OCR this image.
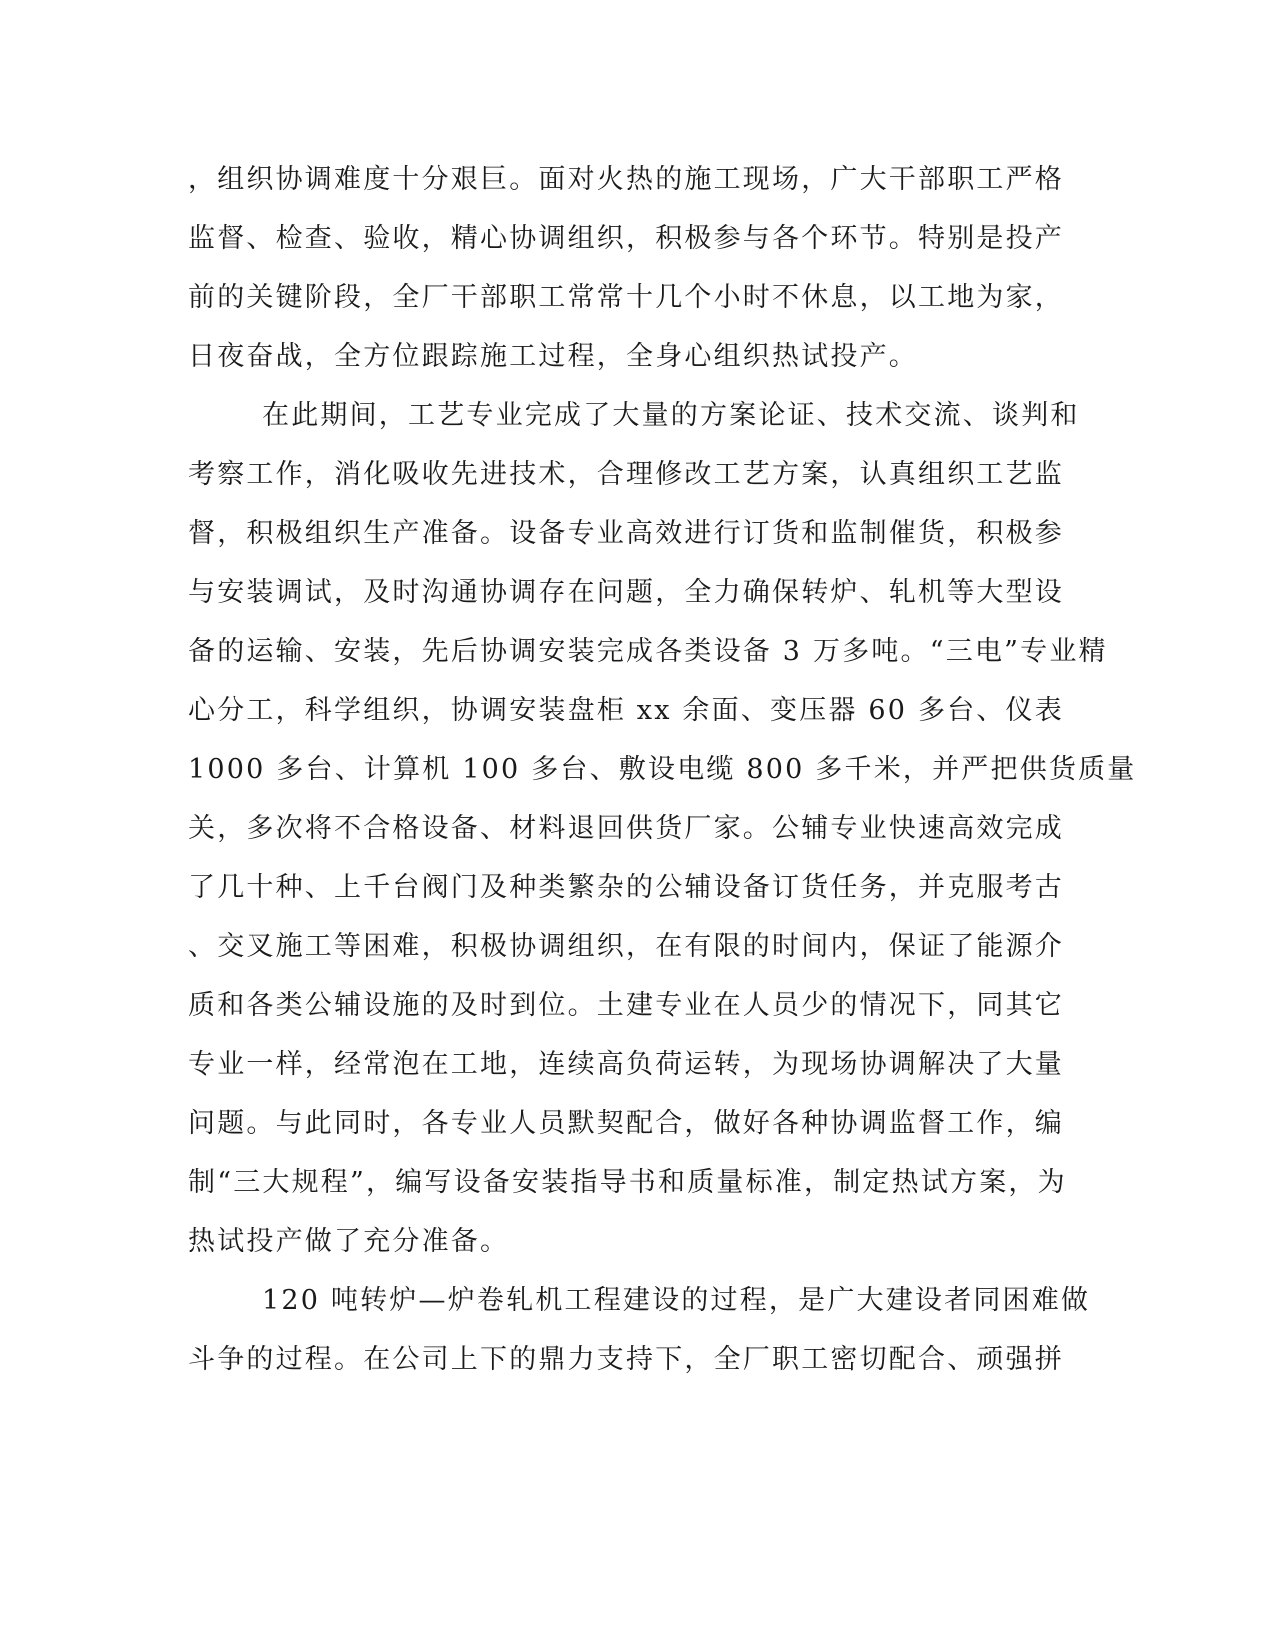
，组织协调难度十分艰巨。面对火热的施工现场，广大干部职工严格
监督、检查、验收，精心协调组织，积极参与各个环节。特别是投产
前的关键阶段，全厂干部职工常常十几个小时不休息，以工地为家，
日夜奋战，全方位跟踪施工过程，全身心组织热试投产。
在此期间，工艺专业完成了大量的方案论证、技术交流、谈判和
考察工作，消化吸收先进技术，合理修改工艺方案，认真组织工艺监
督，积极组织生产准备。设备专业高效进行订货和监制催货，积极参
与安装调试，及时沟通协调存在问题，全力确保转炉、轧机等大型设
备的运输、安装，先后协调安装完成各类设备 3 万多吨。“三电”专业精
心分工，科学组织，协调安装盘柜 xx 余面、变压器 60 多台、仪表
1000 多台、计算机 100 多台、敷设电缆 800 多千米，并严把供货质量
关，多次将不合格设备、材料退回供货厂家。公辅专业快速高效完成
了几十种、上千台阀门及种类繁杂的公辅设备订货任务，并克服考古
、交叉施工等困难，积极协调组织，在有限的时间内，保证了能源介
质和各类公辅设施的及时到位。土建专业在人员少的情况下，同其它
专业一样，经常泡在工地，连续高负荷运转，为现场协调解决了大量
问题。与此同时，各专业人员默契配合，做好各种协调监督工作，编
制“三大规程”，编写设备安装指导书和质量标准，制定热试方案，为
热试投产做了充分准备。
120 吨转炉—炉卷轧机工程建设的过程，是广大建设者同困难做
斗争的过程。在公司上下的鼎力支持下，全厂职工密切配合、顽强拼
